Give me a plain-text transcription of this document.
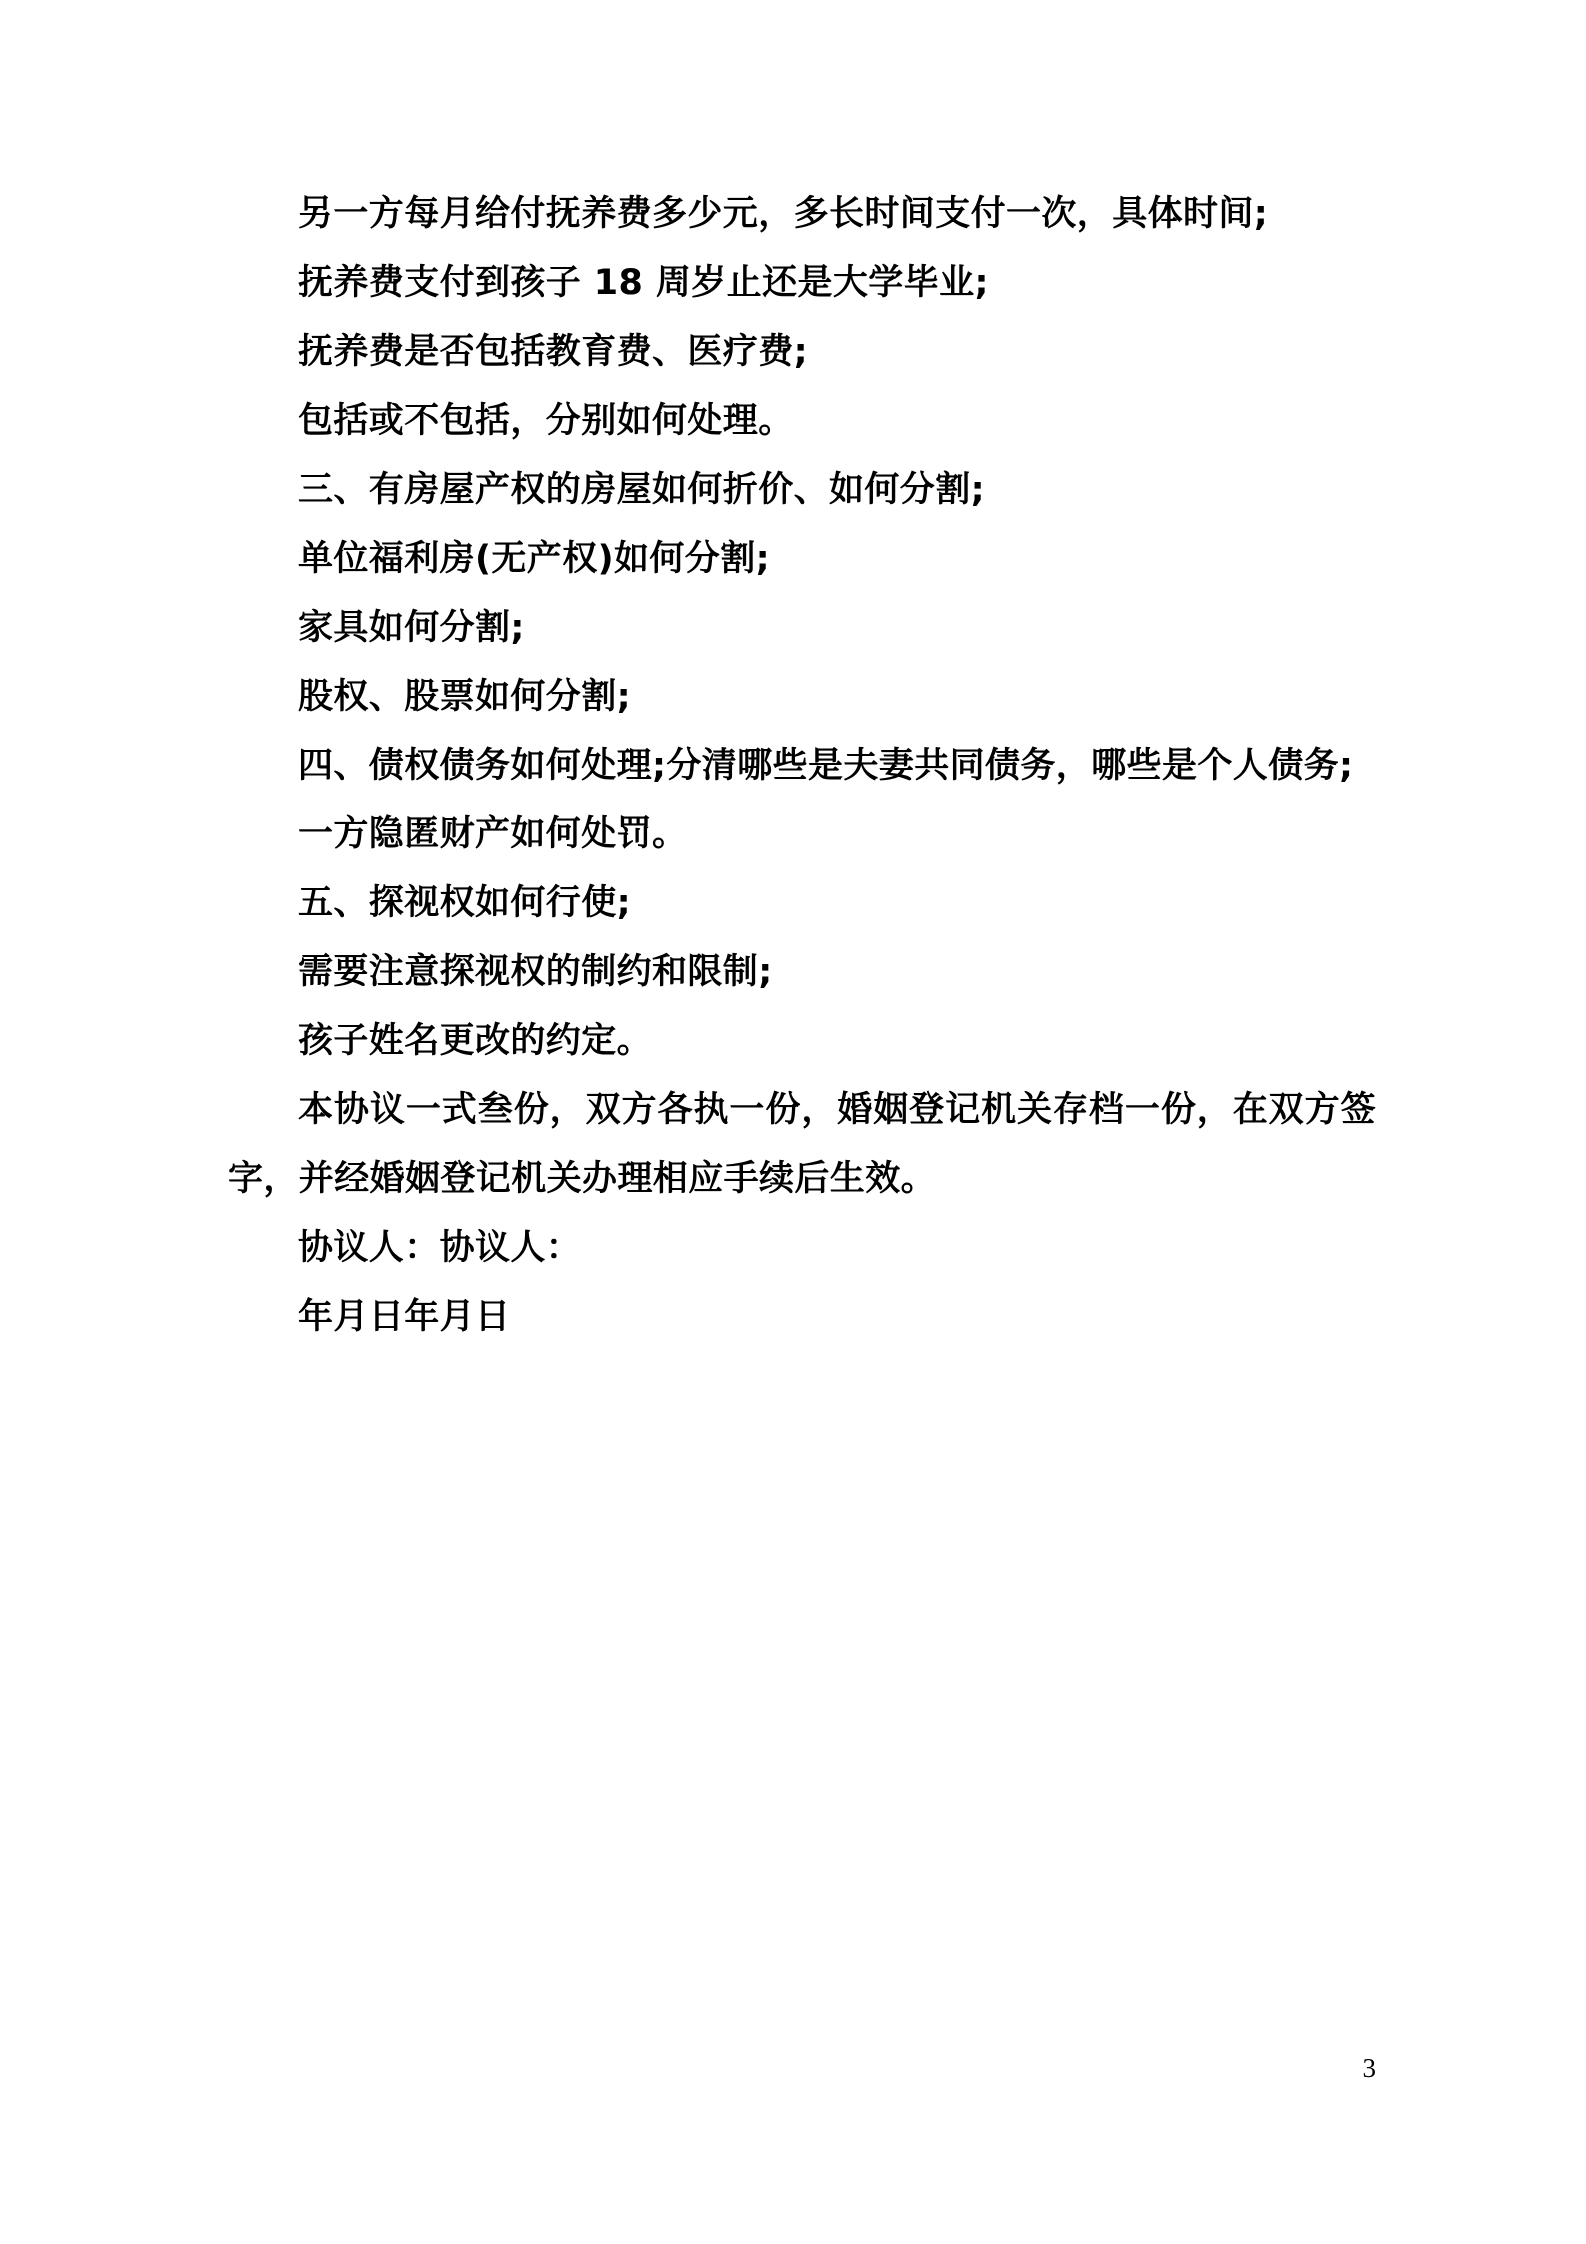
另一方每月给付抚养费多少元，多长时间支付一次，具体时间;

抚养费支付到孩子 18 周岁止还是大学毕业;

抚养费是否包括教育费、医疗费;

包括或不包括，分别如何处理。

三、有房屋产权的房屋如何折价、如何分割;

单位福利房(无产权)如何分割;

家具如何分割;

股权、股票如何分割;

四、债权债务如何处理;分清哪些是夫妻共同债务，哪些是个人债务;

一方隐匿财产如何处罚。

五、探视权如何行使;

需要注意探视权的制约和限制;

孩子姓名更改的约定。

本协议一式叁份，双方各执一份，婚姻登记机关存档一份，在双方签字，并经婚姻登记机关办理相应手续后生效。

协议人：协议人：

年月日年月日

3
